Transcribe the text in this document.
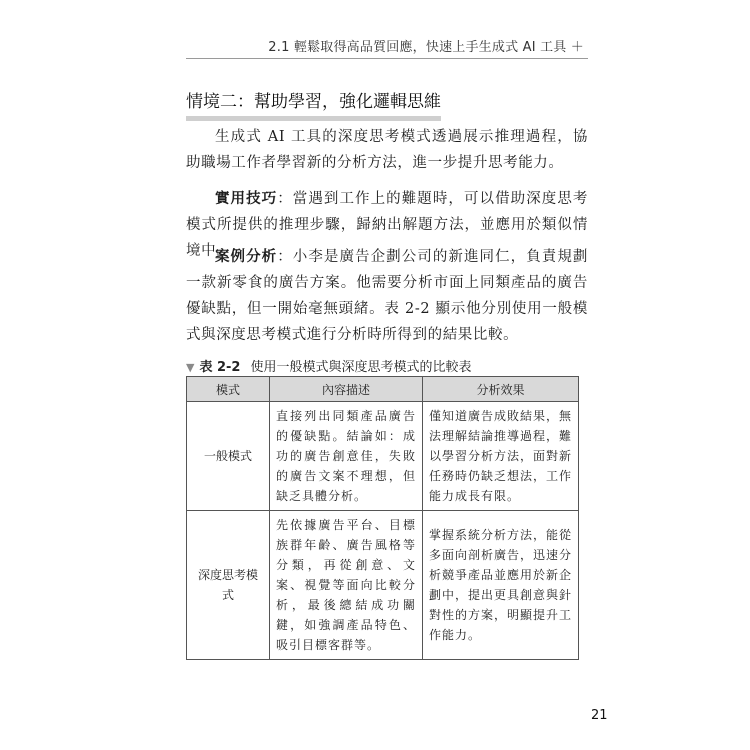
2.1 輕鬆取得高品質回應，快速上手生成式 AI 工具 ＋
情境二：幫助學習，強化邏輯思維
生成式 AI 工具的深度思考模式透過展示推理過程，協助職場工作者學習新的分析方法，進一步提升思考能力。
實用技巧：當遇到工作上的難題時，可以借助深度思考模式所提供的推理步驟，歸納出解題方法，並應用於類似情境中。
案例分析：小李是廣告企劃公司的新進同仁，負責規劃一款新零食的廣告方案。他需要分析市面上同類產品的廣告優缺點，但一開始毫無頭緒。表 2-2 顯示他分別使用一般模式與深度思考模式進行分析時所得到的結果比較。
▼ 表 2-2 使用一般模式與深度思考模式的比較表
模式	內容描述	分析效果
一般模式	直接列出同類產品廣告的優缺點。結論如：成功的廣告創意佳，失敗的廣告文案不理想，但缺乏具體分析。	僅知道廣告成敗結果，無法理解結論推導過程，難以學習分析方法，面對新任務時仍缺乏想法，工作能力成長有限。
深度思考模式	先依據廣告平台、目標族群年齡、廣告風格等分類，再從創意、文案、視覺等面向比較分析，最後總結成功關鍵，如強調產品特色、吸引目標客群等。	掌握系統分析方法，能從多面向剖析廣告，迅速分析競爭產品並應用於新企劃中，提出更具創意與針對性的方案，明顯提升工作能力。
21
